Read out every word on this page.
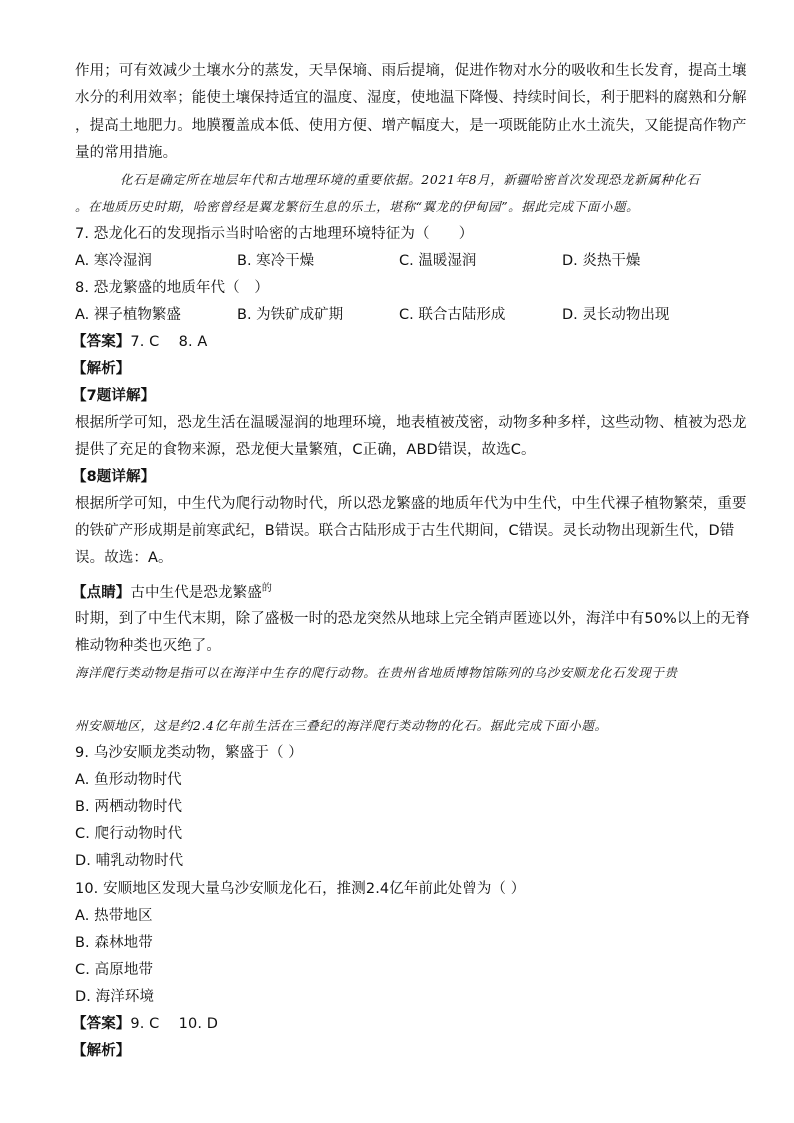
作用；可有效减少土壤水分的蒸发，天旱保墒、雨后提墒，促进作物对水分的吸收和生长发育，提高土壤
水分的利用效率；能使土壤保持适宜的温度、湿度，使地温下降慢、持续时间长，利于肥料的腐熟和分解
，提高土地肥力。地膜覆盖成本低、使用方便、增产幅度大，是一项既能防止水土流失，又能提高作物产
量的常用措施。
化石是确定所在地层年代和古地理环境的重要依据。2021年8月，新疆哈密首次发现恐龙新属种化石
。在地质历史时期，哈密曾经是翼龙繁衍生息的乐土，堪称“翼龙的伊甸园”。据此完成下面小题。
7. 恐龙化石的发现指示当时哈密的古地理环境特征为（　　）
A. 寒冷湿润	B. 寒冷干燥	C. 温暖湿润	D. 炎热干燥
8. 恐龙繁盛的地质年代（　）
A. 裸子植物繁盛	B. 为铁矿成矿期	C. 联合古陆形成	D. 灵长动物出现
【答案】7. C　 8. A
【解析】
【7题详解】
根据所学可知，恐龙生活在温暖湿润的地理环境，地表植被茂密，动物多种多样，这些动物、植被为恐龙
提供了充足的食物来源，恐龙便大量繁殖，C正确，ABD错误，故选C。
【8题详解】
根据所学可知，中生代为爬行动物时代，所以恐龙繁盛的地质年代为中生代，中生代裸子植物繁荣，重要
的铁矿产形成期是前寒武纪，B错误。联合古陆形成于古生代期间，C错误。灵长动物出现新生代，D错
误。故选：A。
【点睛】古中生代是恐龙繁盛$^的$
时期，到了中生代末期，除了盛极一时的恐龙突然从地球上完全销声匿迹以外，海洋中有50%以上的无脊
椎动物种类也灭绝了。
海洋爬行类动物是指可以在海洋中生存的爬行动物。在贵州省地质博物馆陈列的乌沙安顺龙化石发现于贵
州安顺地区，这是约2.4亿年前生活在三叠纪的海洋爬行类动物的化石。据此完成下面小题。
9. 乌沙安顺龙类动物，繁盛于（ ）
A. 鱼形动物时代
B. 两栖动物时代
C. 爬行动物时代
D. 哺乳动物时代
10. 安顺地区发现大量乌沙安顺龙化石，推测2.4亿年前此处曾为（ ）
A. 热带地区
B. 森林地带
C. 高原地带
D. 海洋环境
【答案】9. C　 10. D
【解析】
